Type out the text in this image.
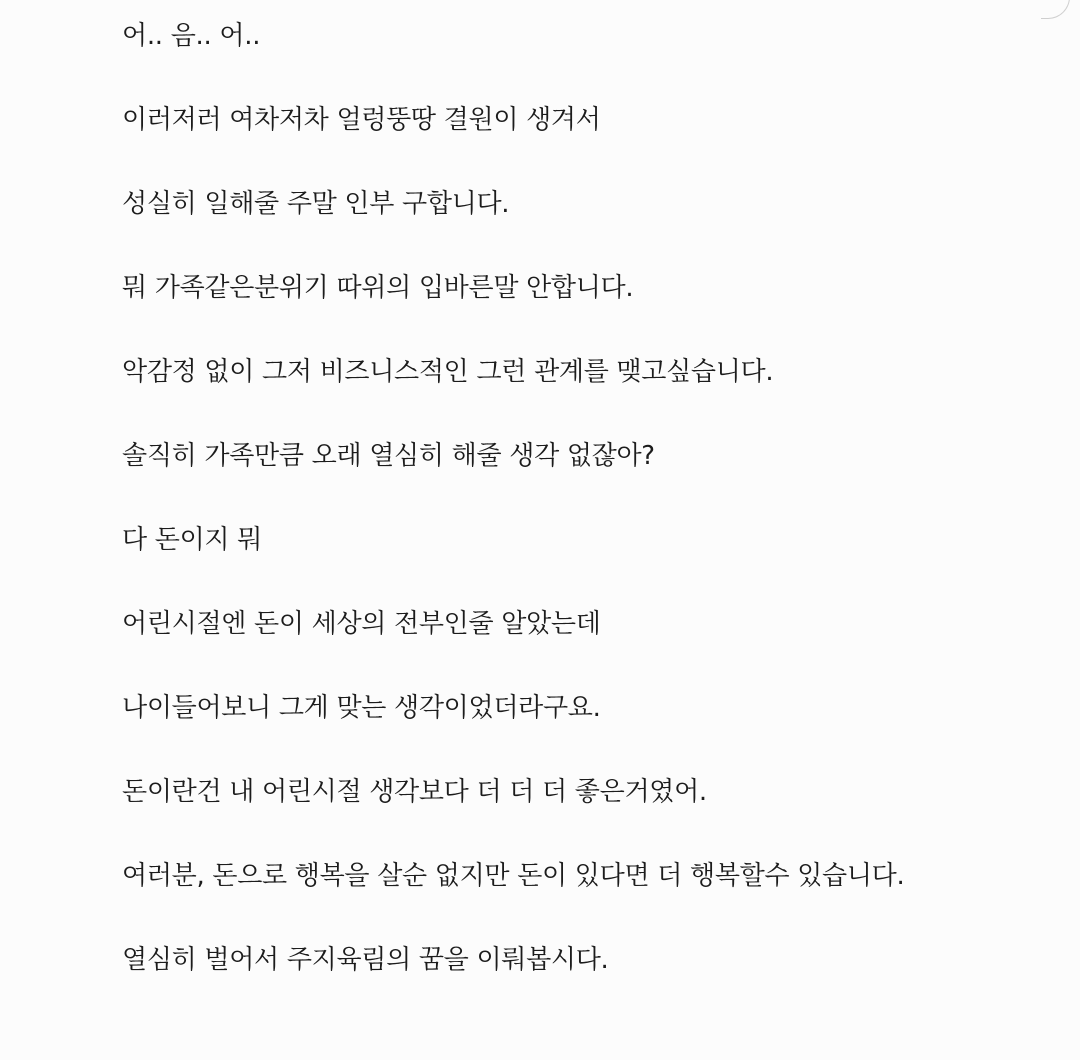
어.. 음.. 어..

이러저러 여차저차 얼렁뚱땅 결원이 생겨서

성실히 일해줄 주말 인부 구합니다.

뭐 가족같은분위기 따위의 입바른말 안합니다.

악감정 없이 그저 비즈니스적인 그런 관계를 맺고싶습니다.

솔직히 가족만큼 오래 열심히 해줄 생각 없잖아?

다 돈이지 뭐

어린시절엔 돈이 세상의 전부인줄 알았는데

나이들어보니 그게 맞는 생각이었더라구요.

돈이란건 내 어린시절 생각보다 더 더 더 좋은거였어.

여러분, 돈으로 행복을 살순 없지만 돈이 있다면 더 행복할수 있습니다.

열심히 벌어서 주지육림의 꿈을 이뤄봅시다.
